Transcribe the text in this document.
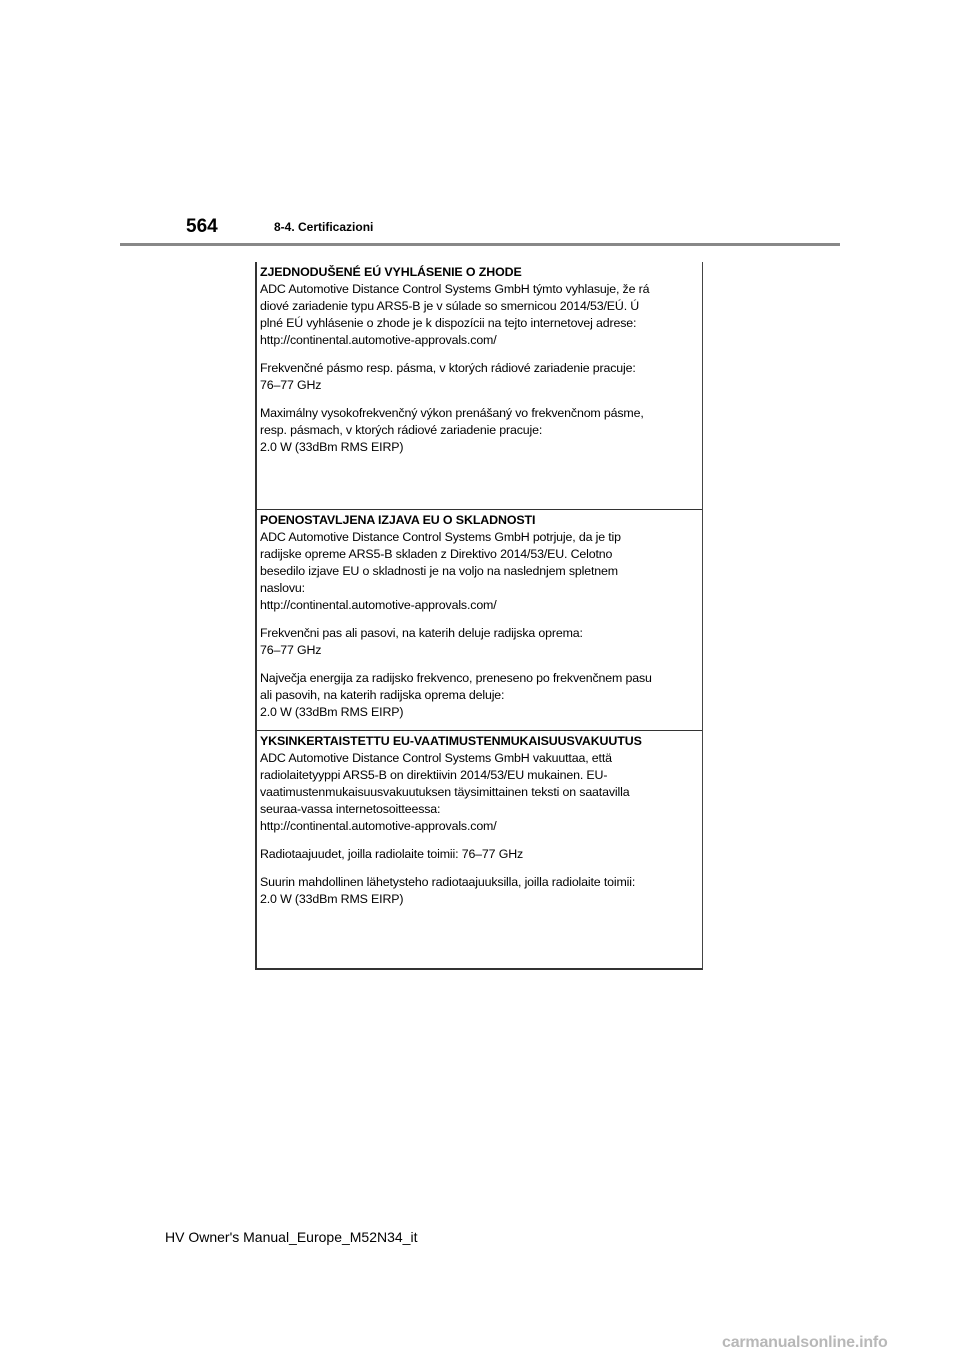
564	8-4. Certificazioni
ZJEDNODUŠENÉ EÚ VYHLÁSENIE O ZHODE
ADC Automotive Distance Control Systems GmbH týmto vyhlasuje, že rá
diové zariadenie typu ARS5-B je v súlade so smernicou 2014/53/EÚ. Ú
plné EÚ vyhlásenie o zhode je k dispozícii na tejto internetovej adrese:
http://continental.automotive-approvals.com/
Frekvenčné pásmo resp. pásma, v ktorých rádiové zariadenie pracuje:
76–77 GHz
Maximálny vysokofrekvenčný výkon prenášaný vo frekvenčnom pásme,
resp. pásmach, v ktorých rádiové zariadenie pracuje:
2.0 W (33dBm RMS EIRP)
POENOSTAVLJENA IZJAVA EU O SKLADNOSTI
ADC Automotive Distance Control Systems GmbH potrjuje, da je tip
radijske opreme ARS5-B skladen z Direktivo 2014/53/EU. Celotno
besedilo izjave EU o skladnosti je na voljo na naslednjem spletnem
naslovu:
http://continental.automotive-approvals.com/
Frekvenčni pas ali pasovi, na katerih deluje radijska oprema:
76–77 GHz
Največja energija za radijsko frekvenco, preneseno po frekvenčnem pasu
ali pasovih, na katerih radijska oprema deluje:
2.0 W (33dBm RMS EIRP)
YKSINKERTAISTETTU EU-VAATIMUSTENMUKAISUUSVAKUUTUS
ADC Automotive Distance Control Systems GmbH vakuuttaa, että
radiolaitetyyppi ARS5-B on direktiivin 2014/53/EU mukainen. EU-
vaatimustenmukaisuusvakuutuksen täysimittainen teksti on saatavilla
seuraa-vassa internetosoitteessa:
http://continental.automotive-approvals.com/
Radiotaajuudet, joilla radiolaite toimii: 76–77 GHz
Suurin mahdollinen lähetysteho radiotaajuuksilla, joilla radiolaite toimii:
2.0 W (33dBm RMS EIRP)
HV Owner's Manual_Europe_M52N34_it
carmanualsonline.info
